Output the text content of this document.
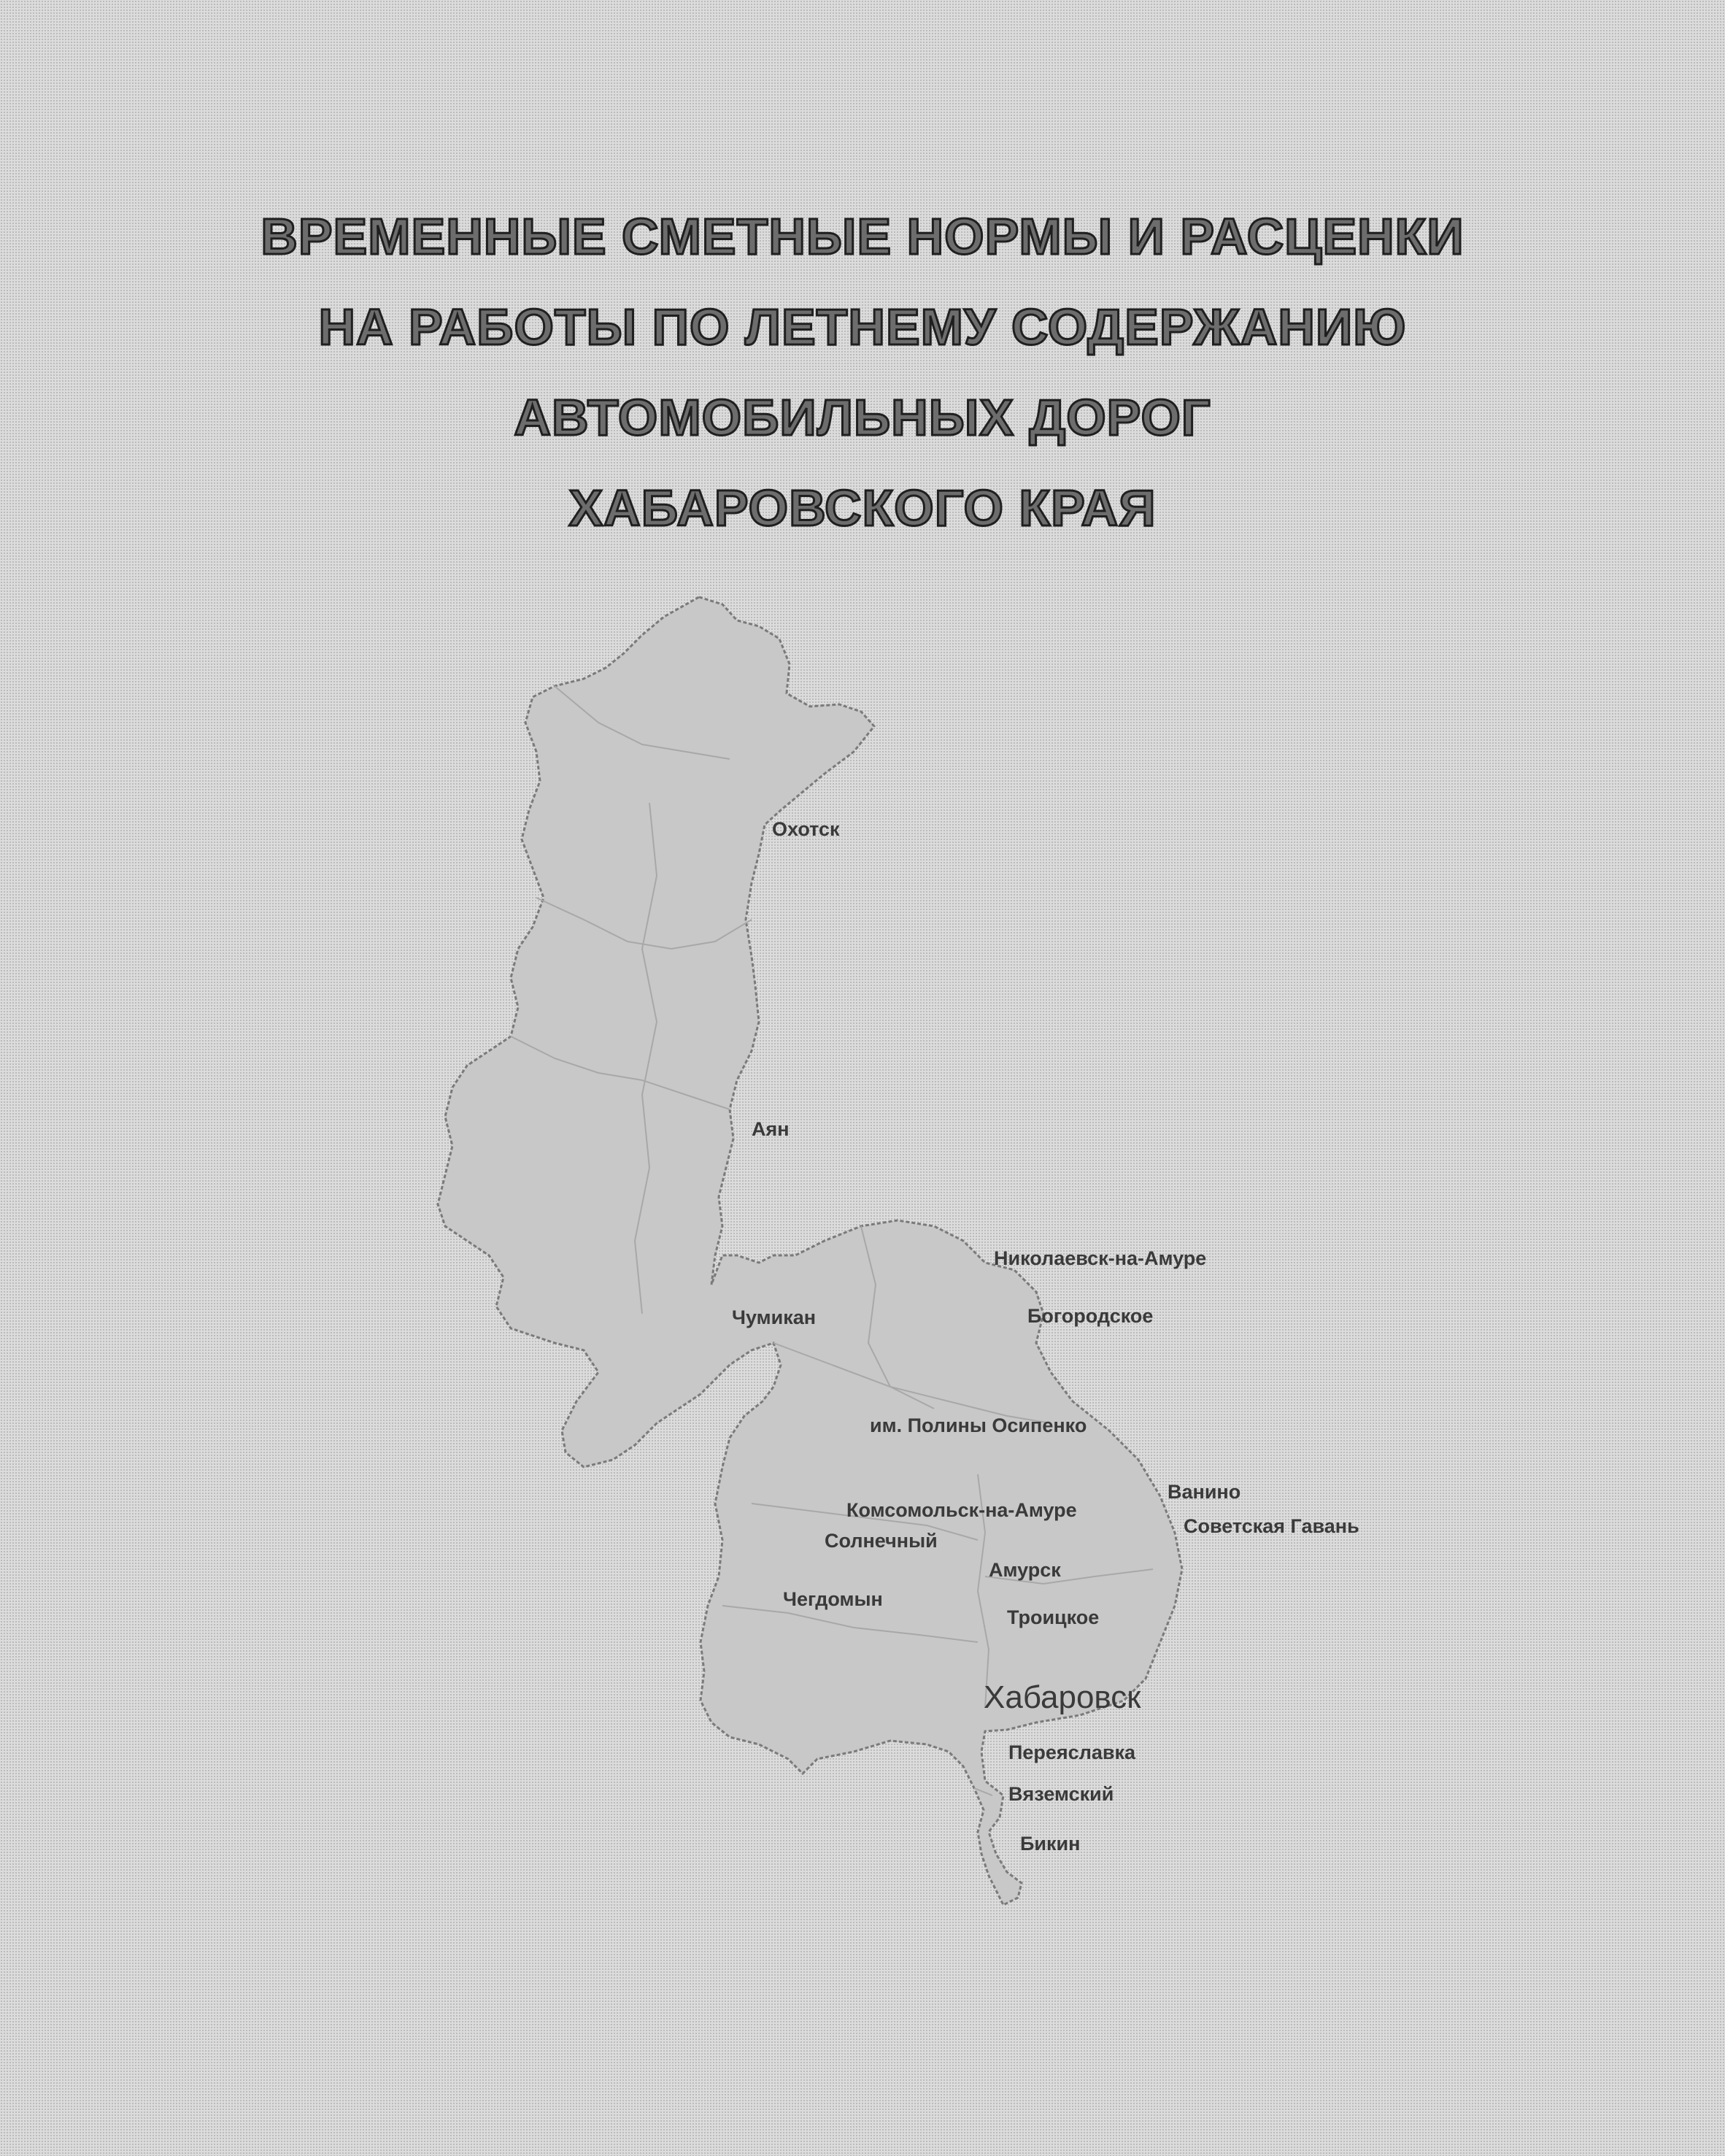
ВРЕМЕННЫЕ СМЕТНЫЕ НОРМЫ И РАСЦЕНКИ
НА РАБОТЫ ПО ЛЕТНЕМУ СОДЕРЖАНИЮ
АВТОМОБИЛЬНЫХ ДОРОГ
ХАБАРОВСКОГО КРАЯ
Охотск
Аян
Николаевск-на-Амуре
Чумикан	Богородское
им. Полины Осипенко
Ванино
Комсомольск-на-Амуре
Советская Гавань
Солнечный
Амурск
Чегдомын
Троицкое
Хабаровск
Переяславка
Вяземский
Бикин
